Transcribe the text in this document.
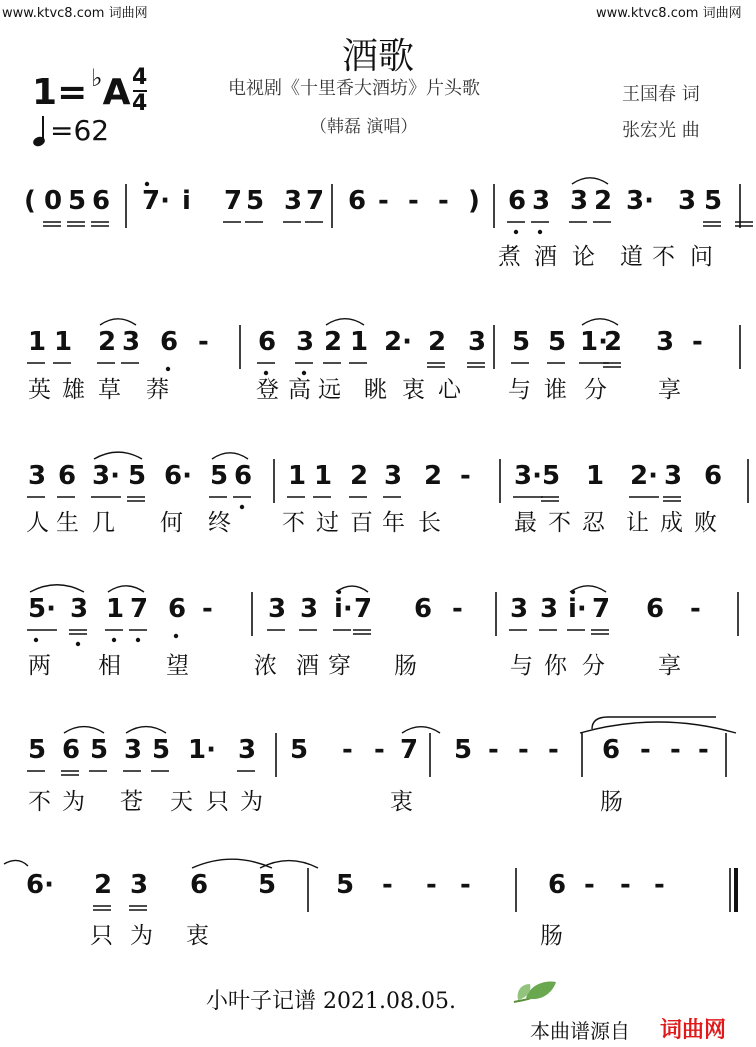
www.ktvc8.com 词曲网	www.ktvc8.com 词曲网
酒歌
1= ♭A 4
4
=62
电视剧《十里香大酒坊》片头歌
（韩磊 演唱）
王国春 词
张宏光 曲
( 0 5 6 7· i 7 5 3 7 6 - - - ) 6 3 3 2 3· 3 5
1 1 2 3 6 - 6 3 2 1 2· 2 3 5 5 1·
2 3 -
3 6 3· 5 6· 5 6 1 1 2 3 2 - 3· 5 1 2· 3 6
5· 3 1 7 6 - 3 3 i· 7 6 - 3 3 i· 7 6 -
5 6 5 3 5 1· 3 5 - - 7 5 - - - 6 - - -
6· 2 3 6 5 5 - - -	6 - - -
煮 酒 论 道 不 问
英 雄 草 莽	登 高 远 眺 衷 心 与 谁 分 享
人 生 几 何 终 不 过 百 年 长	最 不 忍 让 成 败
两 相 望	浓 酒 穿 肠	与 你 分 享
不 为 苍 天 只 为	衷	肠
只 为 衷	肠
小叶子记谱 2021.08.05.
本曲谱源自 词曲网
